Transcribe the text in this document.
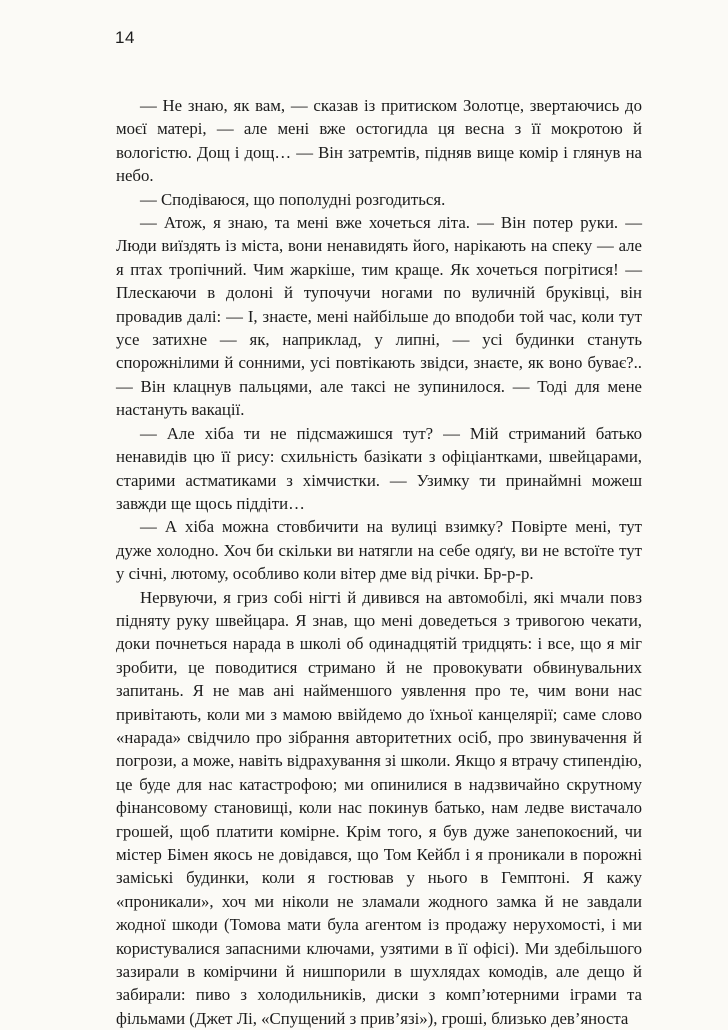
14

— Не знаю, як вам, — сказав із притиском Золотце, звертаючись до моєї матері, — але мені вже остогидла ця весна з її мокротою й вологістю. Дощ і дощ… — Він затремтів, підняв вище комір і глянув на небо.

— Сподіваюся, що пополудні розгодиться.

— Атож, я знаю, та мені вже хочеться літа. — Він потер руки. — Люди виїздять із міста, вони ненавидять його, нарікають на спеку — але я птах тропічний. Чим жаркіше, тим краще. Як хочеться погрітися! — Плескаючи в долоні й тупочучи ногами по вуличній бруківці, він провадив далі: — І, знаєте, мені найбільше до вподоби той час, коли тут усе затихне — як, наприклад, у липні, — усі будинки стануть спорожнілими й сонними, усі повтікають звідси, знаєте, як воно буває?.. — Він клацнув пальцями, але таксі не зупинилося. — Тоді для мене настануть вакації.

— Але хіба ти не підсмажишся тут? — Мій стриманий батько ненавидів цю її рису: схильність базікати з офіціантками, швейцарами, старими астматиками з хімчистки. — Узимку ти принаймні можеш завжди ще щось піддіти…

— А хіба можна стовбичити на вулиці взимку? Повірте мені, тут дуже холодно. Хоч би скільки ви натягли на себе одяґу, ви не встоїте тут у січні, лютому, особливо коли вітер дме від річки. Бр-р-р.

Нервуючи, я гриз собі нігті й дивився на автомобілі, які мчали повз підняту руку швейцара. Я знав, що мені доведеться з тривогою чекати, доки почнеться нарада в школі об одинадцятій тридцять: і все, що я міг зробити, це поводитися стримано й не провокувати обвинувальних запитань. Я не мав ані найменшого уявлення про те, чим вони нас привітають, коли ми з мамою ввійдемо до їхньої канцелярії; саме слово «нарада» свідчило про зібрання авторитетних осіб, про звинувачення й погрози, а може, навіть відрахування зі школи. Якщо я втрачу стипендію, це буде для нас катастрофою; ми опинилися в надзвичайно скрутному фінансовому становищі, коли нас покинув батько, нам ледве вистачало грошей, щоб платити комірне. Крім того, я був дуже занепокоєний, чи містер Бімен якось не довідався, що Том Кейбл і я проникали в порожні заміські будинки, коли я гостював у нього в Гемптоні. Я кажу «проникали», хоч ми ніколи не зламали жодного замка й не завдали жодної шкоди (Томова мати була агентом із продажу нерухомості, і ми користувалися запасними ключами, узятими в її офісі). Ми здебільшого зазирали в комірчини й нишпорили в шухлядах комодів, але дещо й забирали: пиво з холодильників, диски з комп’ютерними іграми та фільмами (Джет Лі, «Спущений з прив’язі»), гроші, близько дев’яноста
